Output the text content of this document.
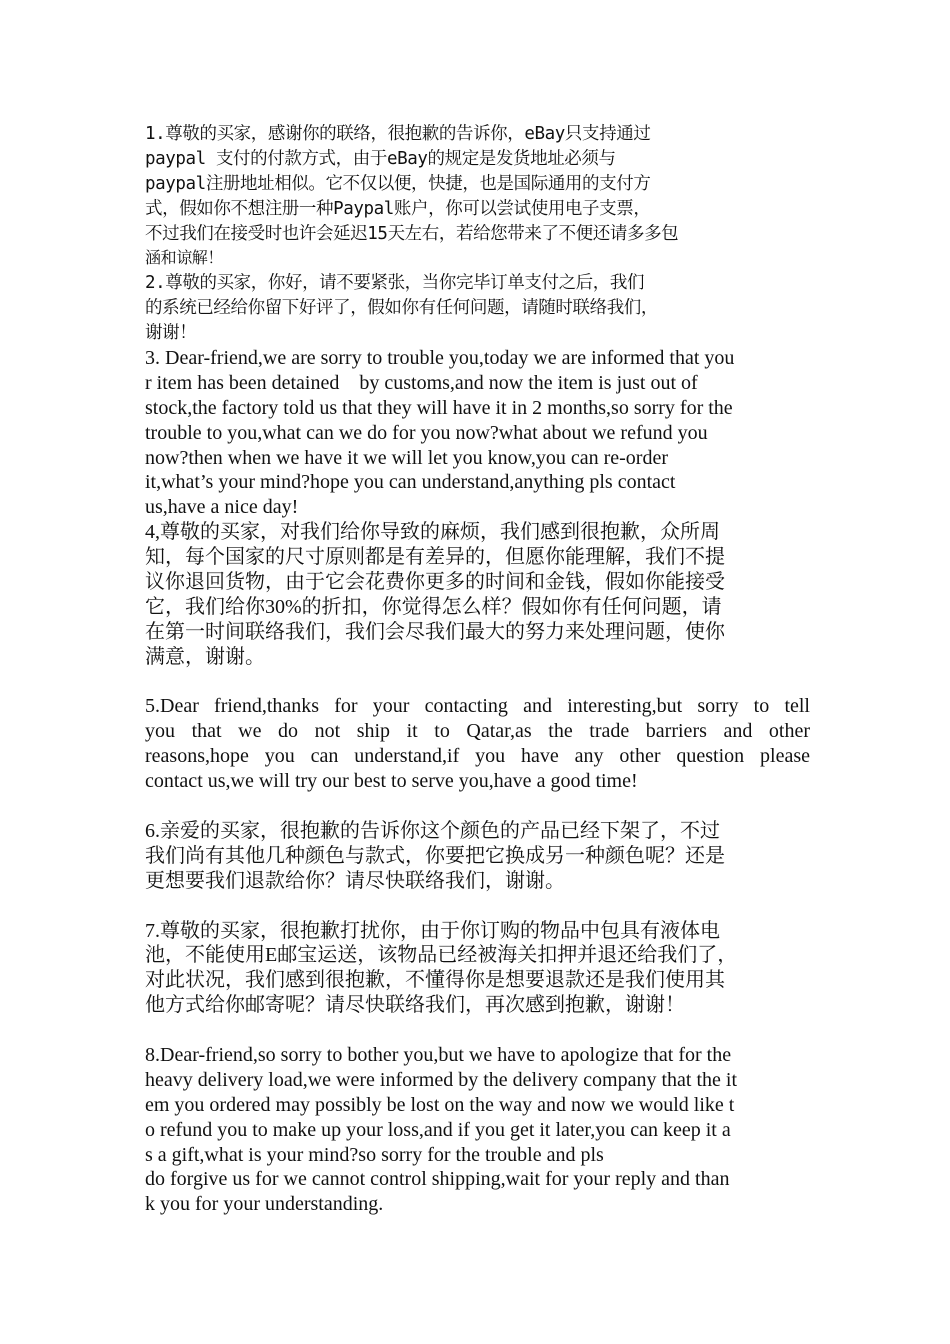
1.尊敬的买家，感谢你的联络，很抱歉的告诉你，eBay只支持通过
paypal 支付的付款方式，由于eBay的规定是发货地址必须与
paypal注册地址相似。它不仅以便，快捷，也是国际通用的支付方
式，假如你不想注册一种Paypal账户，你可以尝试使用电子支票，
不过我们在接受时也许会延迟15天左右，若给您带来了不便还请多多包
涵和谅解！
2.尊敬的买家，你好，请不要紧张，当你完毕订单支付之后，我们
的系统已经给你留下好评了，假如你有任何问题，请随时联络我们，
谢谢！
3. Dear-friend,we are sorry to trouble you,today we are informed that you
r item has been detained    by customs,and now the item is just out of
stock,the factory told us that they will have it in 2 months,so sorry for the
trouble to you,what can we do for you now?what about we refund you
now?then when we have it we will let you know,you can re-order
it,what’s your mind?hope you can understand,anything pls contact
us,have a nice day!
4,尊敬的买家，对我们给你导致的麻烦，我们感到很抱歉，众所周
知，每个国家的尺寸原则都是有差异的，但愿你能理解，我们不提
议你退回货物，由于它会花费你更多的时间和金钱，假如你能接受
它，我们给你30%的折扣，你觉得怎么样？假如你有任何问题，请
在第一时间联络我们，我们会尽我们最大的努力来处理问题，使你
满意，谢谢。
5.Dear friend,thanks for your contacting and interesting,but sorry to tell
you that we do not ship it to Qatar,as the trade barriers and other
reasons,hope you can understand,if you have any other question please
contact us,we will try our best to serve you,have a good time!
6.亲爱的买家，很抱歉的告诉你这个颜色的产品已经下架了，不过
我们尚有其他几种颜色与款式，你要把它换成另一种颜色呢？还是
更想要我们退款给你？请尽快联络我们，谢谢。
7.尊敬的买家，很抱歉打扰你，由于你订购的物品中包具有液体电
池，不能使用E邮宝运送，该物品已经被海关扣押并退还给我们了，
对此状况，我们感到很抱歉，不懂得你是想要退款还是我们使用其
他方式给你邮寄呢？请尽快联络我们，再次感到抱歉，谢谢！
8.Dear-friend,so sorry to bother you,but we have to apologize that for the
heavy delivery load,we were informed by the delivery company that the it
em you ordered may possibly be lost on the way and now we would like t
o refund you to make up your loss,and if you get it later,you can keep it a
s a gift,what is your mind?so sorry for the trouble and pls
do forgive us for we cannot control shipping,wait for your reply and than
k you for your understanding.
